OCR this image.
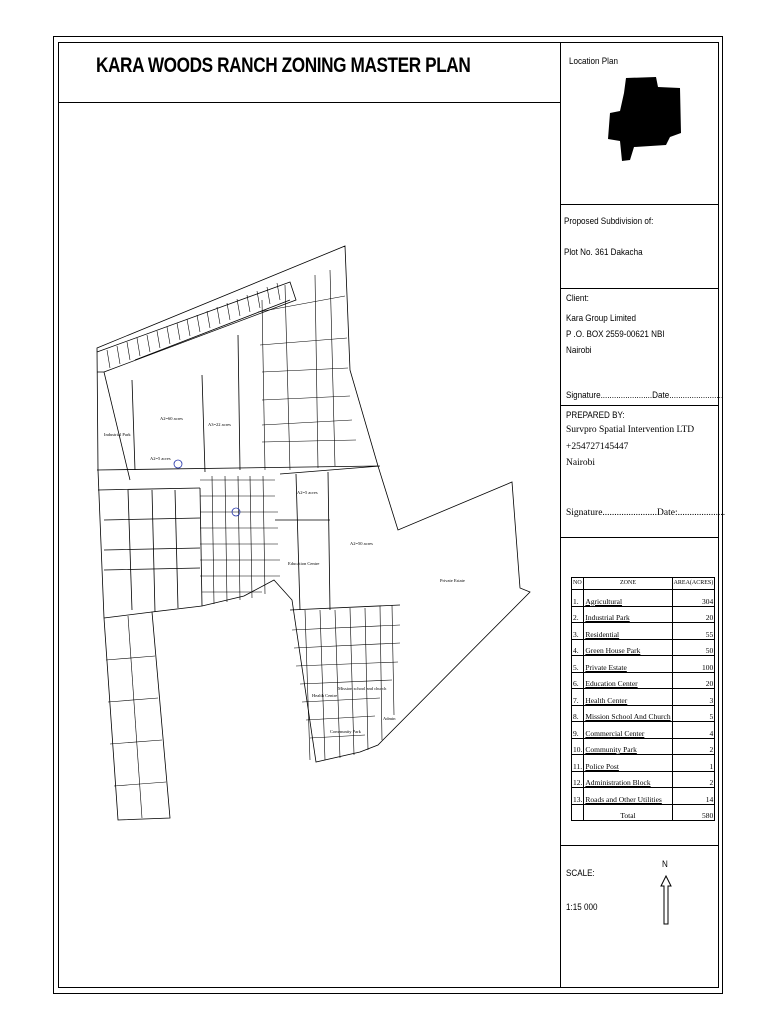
KARA WOODS RANCH ZONING MASTER PLAN	Location Plan
Proposed Subdivision of:
Plot No. 361 Dakacha
Client:
Kara Group Limited
P .O. BOX 2559-00621 NBI
Nairobi
Signature.......................Date........................
PREPARED BY:
Survpro Spatial Intervention LTD
+254727145447
Nairobi
Signature.......................Date:....................
NO	ZONE	AREA(ACRES)
1.	Agricultural	304
2.	Industrial Park	20
3.	Residential	55
4.	Green House Park	50
5.	Private Estate	100
6.	Education Center	20
7.	Health Center	3
8.	Mission School And Church	5
9.	Commercial Center	4
10.	Community Park	2
11.	Police Post	1
12.	Administration Block	2
13.	Roads and Other Utilities	14
	Total	580
SCALE:
1:15 000
N
Industrial Park
A2=60 acres
A3=22 acres
A2=5 acres
Education Centre
A2=50 acres
Private Estate
Health Centre
Mission school and church
Community Park
Admin
A2=5 acres
